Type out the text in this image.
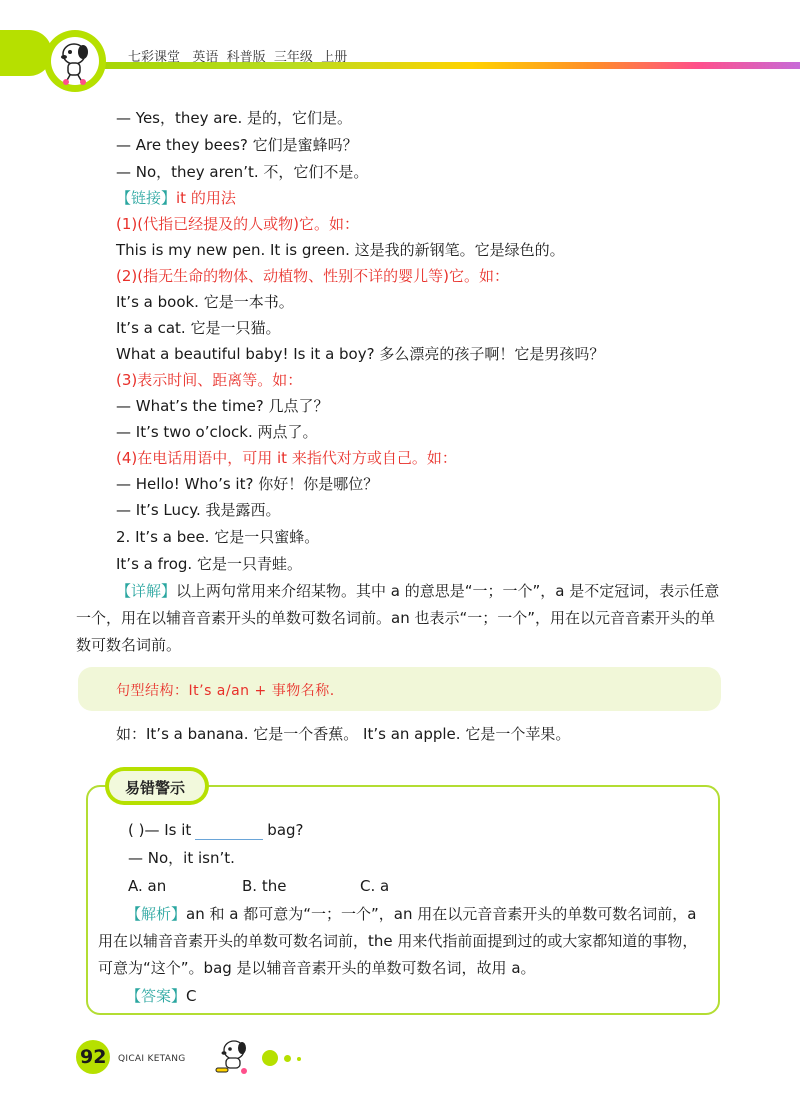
七彩课堂   英语  科普版  三年级  上册
— Yes，they are. 是的，它们是。
— Are they bees? 它们是蜜蜂吗？
— No，they aren’t. 不，它们不是。
【链接】it 的用法
(1)(代指已经提及的人或物)它。如：
This is my new pen. It is green. 这是我的新钢笔。它是绿色的。
(2)(指无生命的物体、动植物、性别不详的婴儿等)它。如：
It’s a book. 它是一本书。
It’s a cat. 它是一只猫。
What a beautiful baby! Is it a boy? 多么漂亮的孩子啊！它是男孩吗？
(3)表示时间、距离等。如：
— What’s the time? 几点了？
— It’s two o’clock. 两点了。
(4)在电话用语中，可用 it 来指代对方或自己。如：
— Hello! Who’s it? 你好！你是哪位？
— It’s Lucy. 我是露西。
2. It’s a bee. 它是一只蜜蜂。
It’s a frog. 它是一只青蛙。
【详解】以上两句常用来介绍某物。其中 a 的意思是“一；一个”，a 是不定冠词，表示任意一个，用在以辅音音素开头的单数可数名词前。an 也表示“一；一个”，用在以元音音素开头的单数可数名词前。
句型结构：It’s a/an + 事物名称.
如：It’s a banana. 它是一个香蕉。 It’s an apple. 它是一个苹果。
易错警示
( )— Is it	bag?
— No，it isn’t.
A. an	B. the	C. a
【解析】an 和 a 都可意为“一；一个”，an 用在以元音音素开头的单数可数名词前，a 用在以辅音音素开头的单数可数名词前，the 用来代指前面提到过的或大家都知道的事物，可意为“这个”。bag 是以辅音音素开头的单数可数名词，故用 a。
【答案】C
92 QICAI KETANG
